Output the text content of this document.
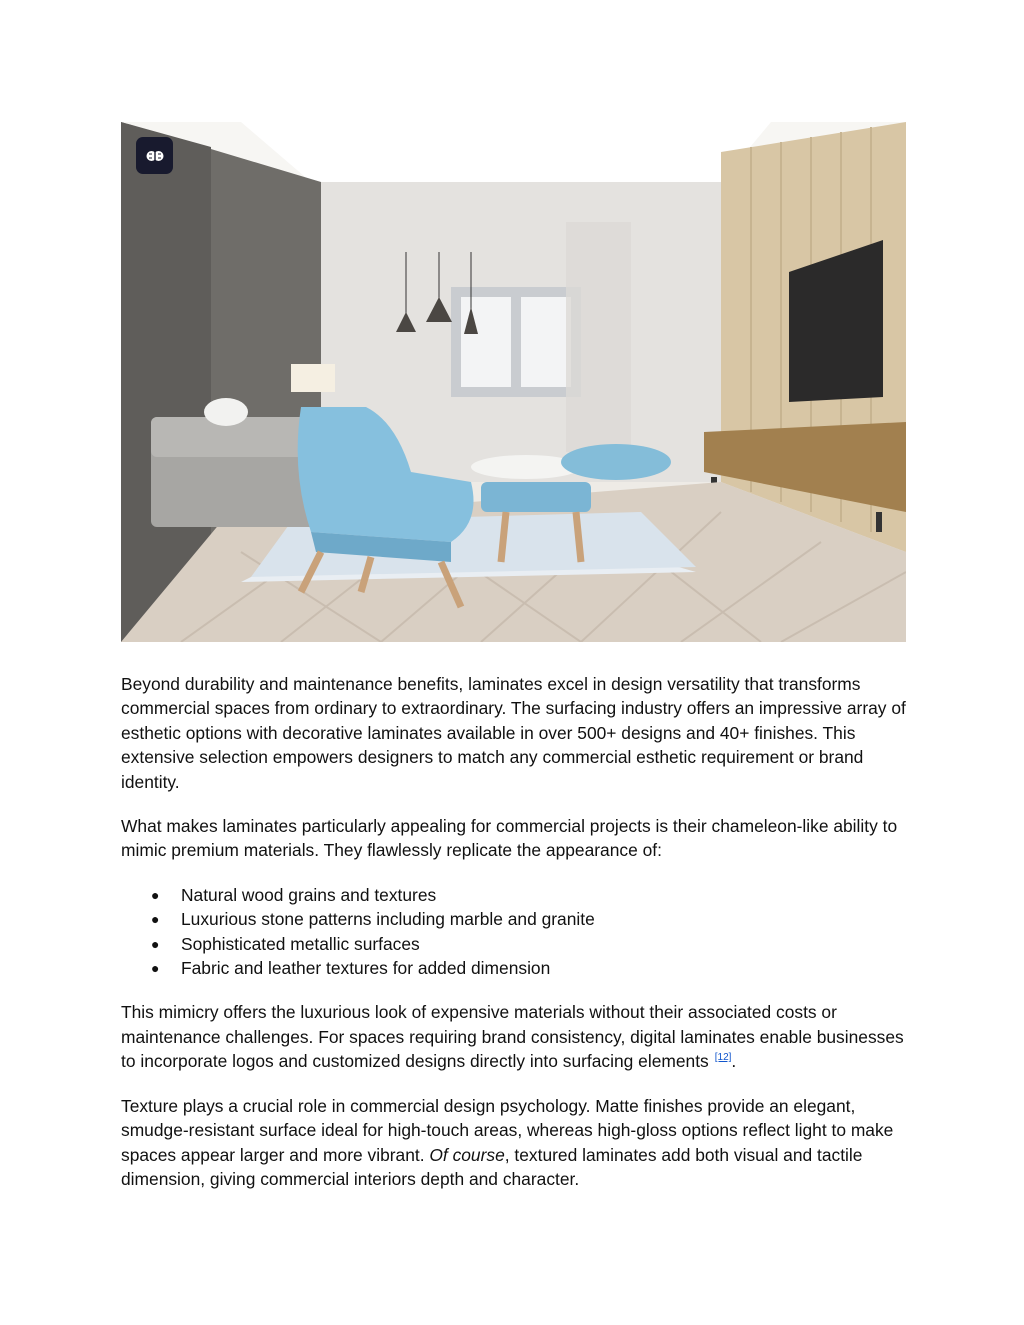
Beyond durability and maintenance benefits, laminates excel in design versatility that transforms commercial spaces from ordinary to extraordinary. The surfacing industry offers an impressive array of esthetic options with decorative laminates available in over 500+ designs and 40+ finishes. This extensive selection empowers designers to match any commercial esthetic requirement or brand identity.

What makes laminates particularly appealing for commercial projects is their chameleon-like ability to mimic premium materials. They flawlessly replicate the appearance of:

● Natural wood grains and textures
● Luxurious stone patterns including marble and granite
● Sophisticated metallic surfaces
● Fabric and leather textures for added dimension

This mimicry offers the luxurious look of expensive materials without their associated costs or maintenance challenges. For spaces requiring brand consistency, digital laminates enable businesses to incorporate logos and customized designs directly into surfacing elements [12].

Texture plays a crucial role in commercial design psychology. Matte finishes provide an elegant, smudge-resistant surface ideal for high-touch areas, whereas high-gloss options reflect light to make spaces appear larger and more vibrant. Of course, textured laminates add both visual and tactile dimension, giving commercial interiors depth and character.
